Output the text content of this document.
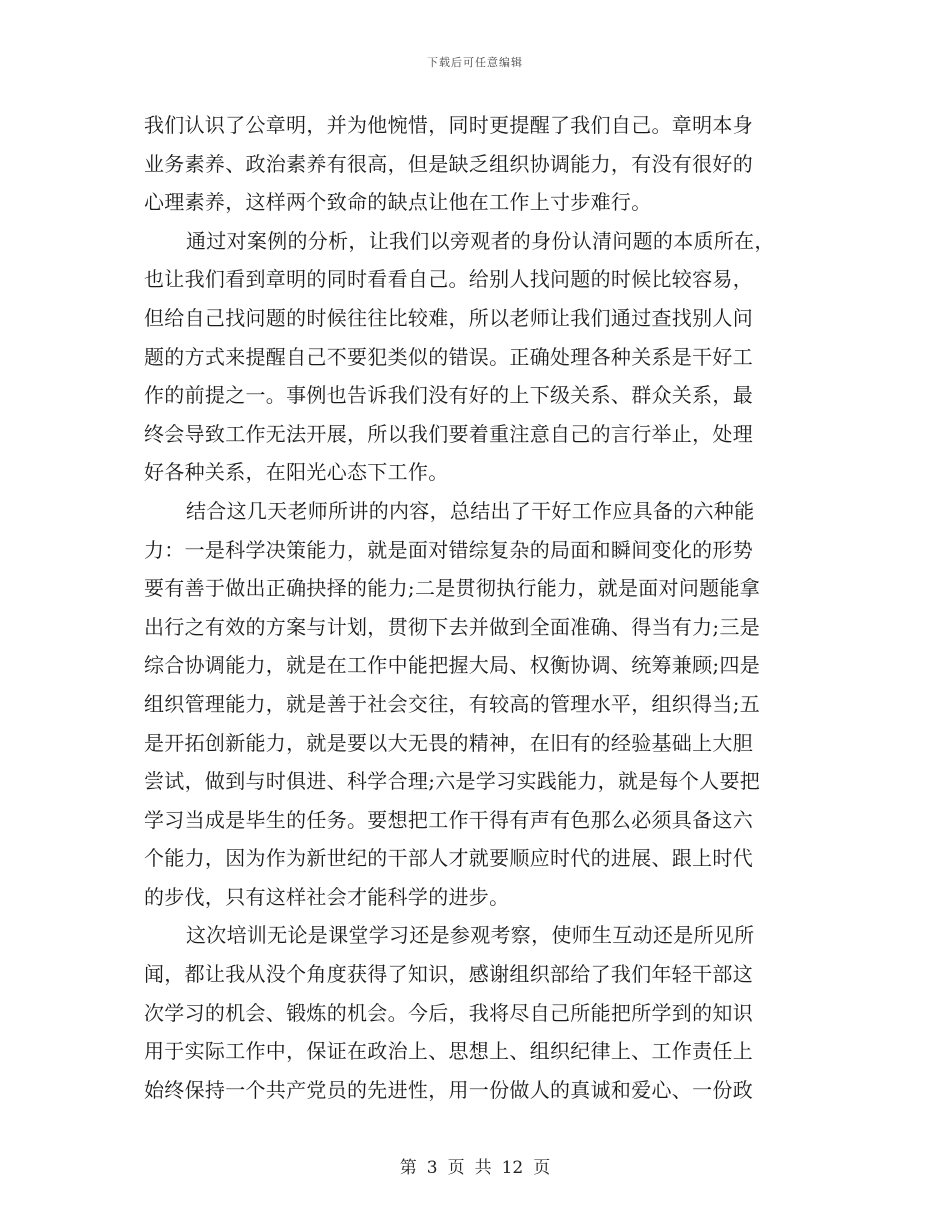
下载后可任意编辑
我们认识了公章明，并为他惋惜，同时更提醒了我们自己。章明本身
业务素养、政治素养有很高，但是缺乏组织协调能力，有没有很好的
心理素养，这样两个致命的缺点让他在工作上寸步难行。
通过对案例的分析，让我们以旁观者的身份认清问题的本质所在，
也让我们看到章明的同时看看自己。给别人找问题的时候比较容易，
但给自己找问题的时候往往比较难，所以老师让我们通过查找别人问
题的方式来提醒自己不要犯类似的错误。正确处理各种关系是干好工
作的前提之一。事例也告诉我们没有好的上下级关系、群众关系，最
终会导致工作无法开展，所以我们要着重注意自己的言行举止，处理
好各种关系，在阳光心态下工作。
结合这几天老师所讲的内容，总结出了干好工作应具备的六种能
力：一是科学决策能力，就是面对错综复杂的局面和瞬间变化的形势
要有善于做出正确抉择的能力;二是贯彻执行能力，就是面对问题能拿
出行之有效的方案与计划，贯彻下去并做到全面准确、得当有力;三是
综合协调能力，就是在工作中能把握大局、权衡协调、统筹兼顾;四是
组织管理能力，就是善于社会交往，有较高的管理水平，组织得当;五
是开拓创新能力，就是要以大无畏的精神，在旧有的经验基础上大胆
尝试，做到与时俱进、科学合理;六是学习实践能力，就是每个人要把
学习当成是毕生的任务。要想把工作干得有声有色那么必须具备这六
个能力，因为作为新世纪的干部人才就要顺应时代的进展、跟上时代
的步伐，只有这样社会才能科学的进步。
这次培训无论是课堂学习还是参观考察，使师生互动还是所见所
闻，都让我从没个角度获得了知识，感谢组织部给了我们年轻干部这
次学习的机会、锻炼的机会。今后，我将尽自己所能把所学到的知识
用于实际工作中，保证在政治上、思想上、组织纪律上、工作责任上
始终保持一个共产党员的先进性，用一份做人的真诚和爱心、一份政
第 3 页 共 12 页
